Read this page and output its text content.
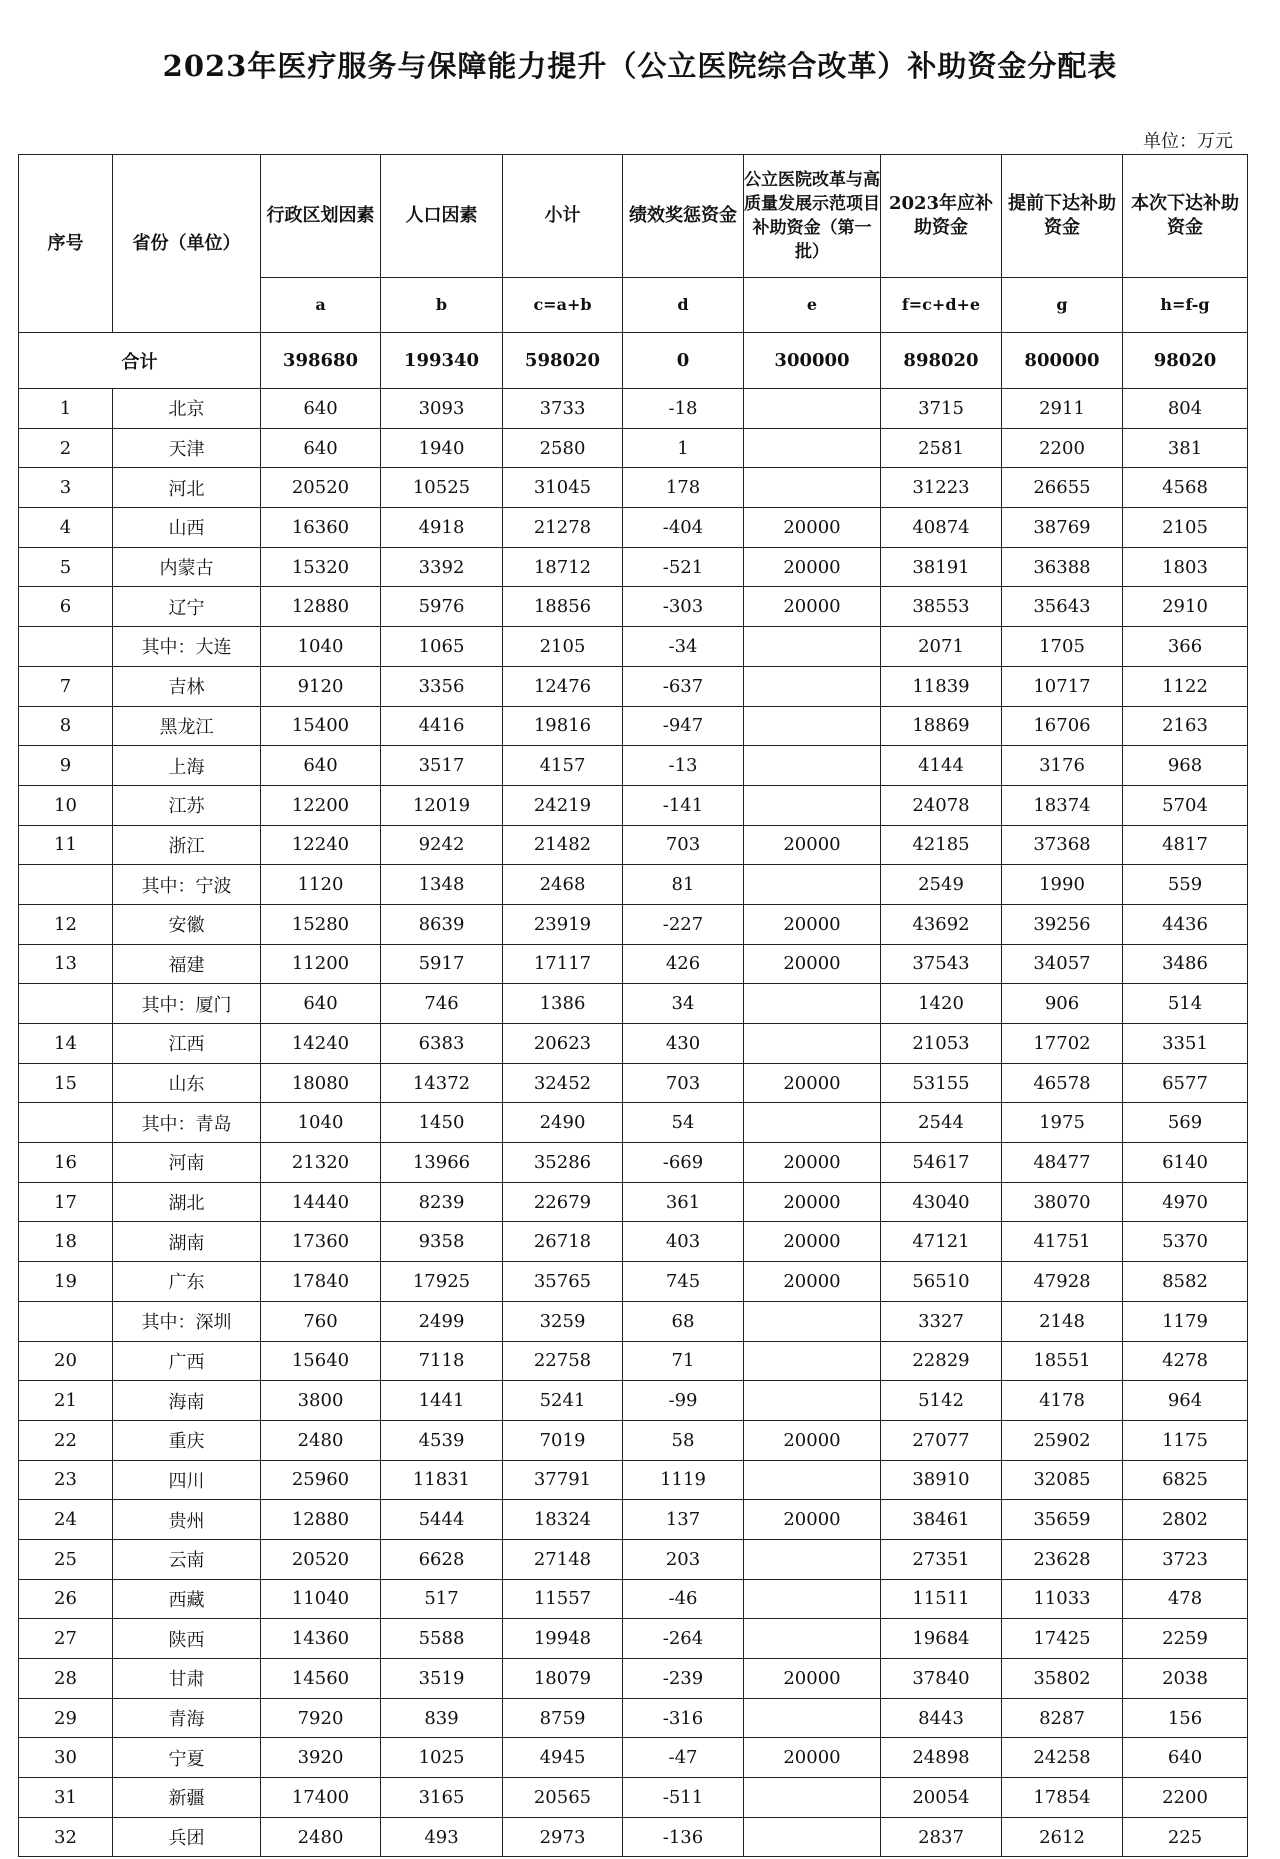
2023年医疗服务与保障能力提升（公立医院综合改革）补助资金分配表
单位：万元
序号	省份（单位）	行政区划因素	人口因素	小计	绩效奖惩资金	公立医院改革与高质量发展示范项目补助资金（第一批）	2023年应补助资金	提前下达补助资金	本次下达补助资金
		a	b	c=a+b	d	e	f=c+d+e	g	h=f-g
合计		398680	199340	598020	0	300000	898020	800000	98020
1	北京	640	3093	3733	-18		3715	2911	804
2	天津	640	1940	2580	1		2581	2200	381
3	河北	20520	10525	31045	178		31223	26655	4568
4	山西	16360	4918	21278	-404	20000	40874	38769	2105
5	内蒙古	15320	3392	18712	-521	20000	38191	36388	1803
6	辽宁	12880	5976	18856	-303	20000	38553	35643	2910
	其中：大连	1040	1065	2105	-34		2071	1705	366
7	吉林	9120	3356	12476	-637		11839	10717	1122
8	黑龙江	15400	4416	19816	-947		18869	16706	2163
9	上海	640	3517	4157	-13		4144	3176	968
10	江苏	12200	12019	24219	-141		24078	18374	5704
11	浙江	12240	9242	21482	703	20000	42185	37368	4817
	其中：宁波	1120	1348	2468	81		2549	1990	559
12	安徽	15280	8639	23919	-227	20000	43692	39256	4436
13	福建	11200	5917	17117	426	20000	37543	34057	3486
	其中：厦门	640	746	1386	34		1420	906	514
14	江西	14240	6383	20623	430		21053	17702	3351
15	山东	18080	14372	32452	703	20000	53155	46578	6577
	其中：青岛	1040	1450	2490	54		2544	1975	569
16	河南	21320	13966	35286	-669	20000	54617	48477	6140
17	湖北	14440	8239	22679	361	20000	43040	38070	4970
18	湖南	17360	9358	26718	403	20000	47121	41751	5370
19	广东	17840	17925	35765	745	20000	56510	47928	8582
	其中：深圳	760	2499	3259	68		3327	2148	1179
20	广西	15640	7118	22758	71		22829	18551	4278
21	海南	3800	1441	5241	-99		5142	4178	964
22	重庆	2480	4539	7019	58	20000	27077	25902	1175
23	四川	25960	11831	37791	1119		38910	32085	6825
24	贵州	12880	5444	18324	137	20000	38461	35659	2802
25	云南	20520	6628	27148	203		27351	23628	3723
26	西藏	11040	517	11557	-46		11511	11033	478
27	陕西	14360	5588	19948	-264		19684	17425	2259
28	甘肃	14560	3519	18079	-239	20000	37840	35802	2038
29	青海	7920	839	8759	-316		8443	8287	156
30	宁夏	3920	1025	4945	-47	20000	24898	24258	640
31	新疆	17400	3165	20565	-511		20054	17854	2200
32	兵团	2480	493	2973	-136		2837	2612	225
